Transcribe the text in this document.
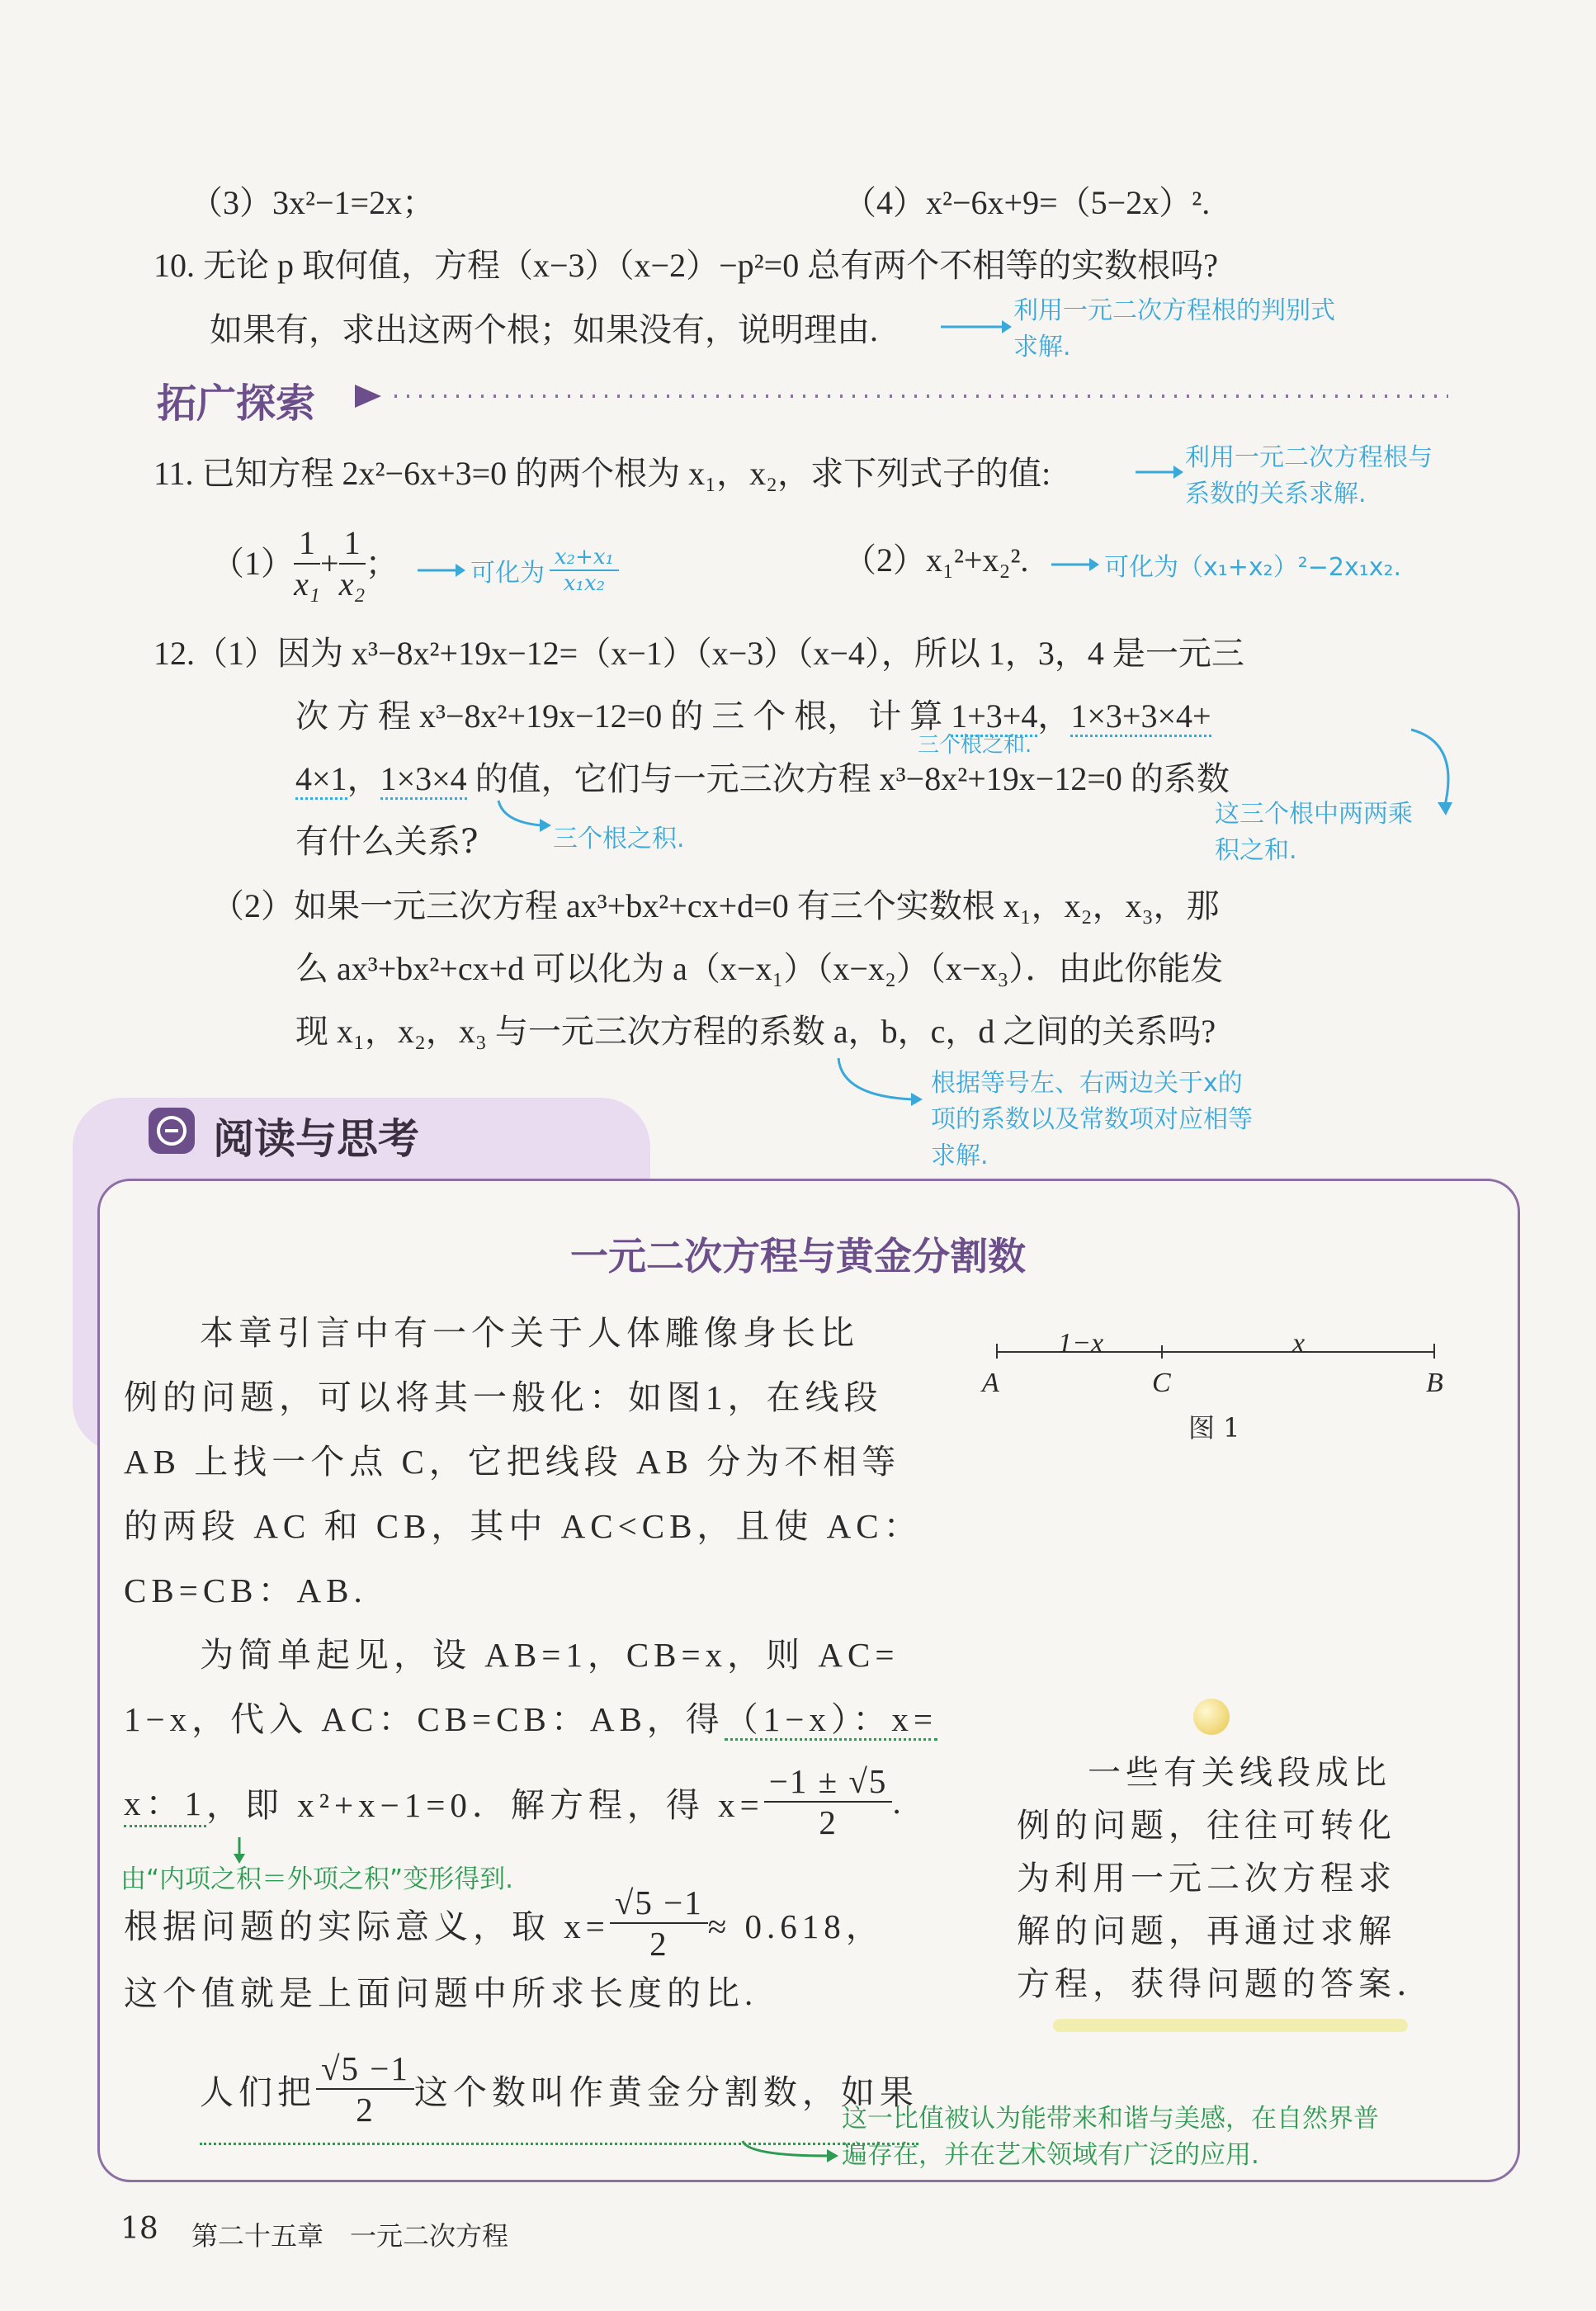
（3）3x²−1=2x；	（4）x²−6x+9=（5−2x）².
10. 无论 p 取何值，方程（x−3）（x−2）−p²=0 总有两个不相等的实数根吗?
如果有，求出这两个根；如果没有，说明理由.
利用一元二次方程根的判别式
求解.
拓广探索
11. 已知方程 2x²−6x+3=0 的两个根为 x₁，x₂，求下列式子的值:	利用一元二次方程根与
系数的关系求解.
$(1) \frac{1}{\text{x₁}} + \frac{1}{\text{x₂}}$ ；	可化为 $\frac{\text{x₂+x₁}}{\text{x₁x₂}}$	（2）x₁²+x₂².	可化为（x₁+x₂）²−2x₁x₂.
12.（1）因为 x³−8x²+19x−12=（x−1）（x−3）（x−4），所以 1，3，4 是一元三
次 方 程 x³−8x²+19x−12=0 的 三 个 根， 计 算 1+3+4，1×3+3×4+
三个根之和.
4×1，1×3×4 的值，它们与一元三次方程 x³−8x²+19x−12=0 的系数
有什么关系?	三个根之积.
这三个根中两两乘
积之和.
（2）如果一元三次方程 ax³+bx²+cx+d=0 有三个实数根 x₁，x₂，x₃，那
么 ax³+bx²+cx+d 可以化为 a（x−x₁）（x−x₂）（x−x₃）．由此你能发
现 x₁，x₂，x₃ 与一元三次方程的系数 a，b，c，d 之间的关系吗?
根据等号左、右两边关于x的
项的系数以及常数项对应相等
求解.
阅读与思考
一元二次方程与黄金分割数
1−x	x
A	C	B
图 1
本章引言中有一个关于人体雕像身长比
例的问题，可以将其一般化：如图1，在线段
AB 上找一个点 C，它把线段 AB 分为不相等
的两段 AC 和 CB，其中 AC<CB，且使 AC：
CB=CB：AB.
为简单起见，设 AB=1，CB=x，则 AC=
1−x，代入 AC：CB=CB：AB，得（1−x）：x=
x：1 ，即 x²+x−1=0．解方程，得 $x= \frac{-1 \pm √5}{2}$ .
由“内项之积＝外项之积”变形得到.
根据问题的实际意义，取 $x= \frac{√5 -1}{2} \approx 0.618$，
这个值就是上面问题中所求长度的比.
人们把 $\frac{√5 -1}{2}$ 这个数叫作黄金分割数，如果
这一比值被认为能带来和谐与美感，在自然界普
遍存在，并在艺术领域有广泛的应用.
一些有关线段成比
例的问题，往往可转化
为利用一元二次方程求
解的问题，再通过求解
方程，获得问题的答案.
18 第二十五章　一元二次方程
